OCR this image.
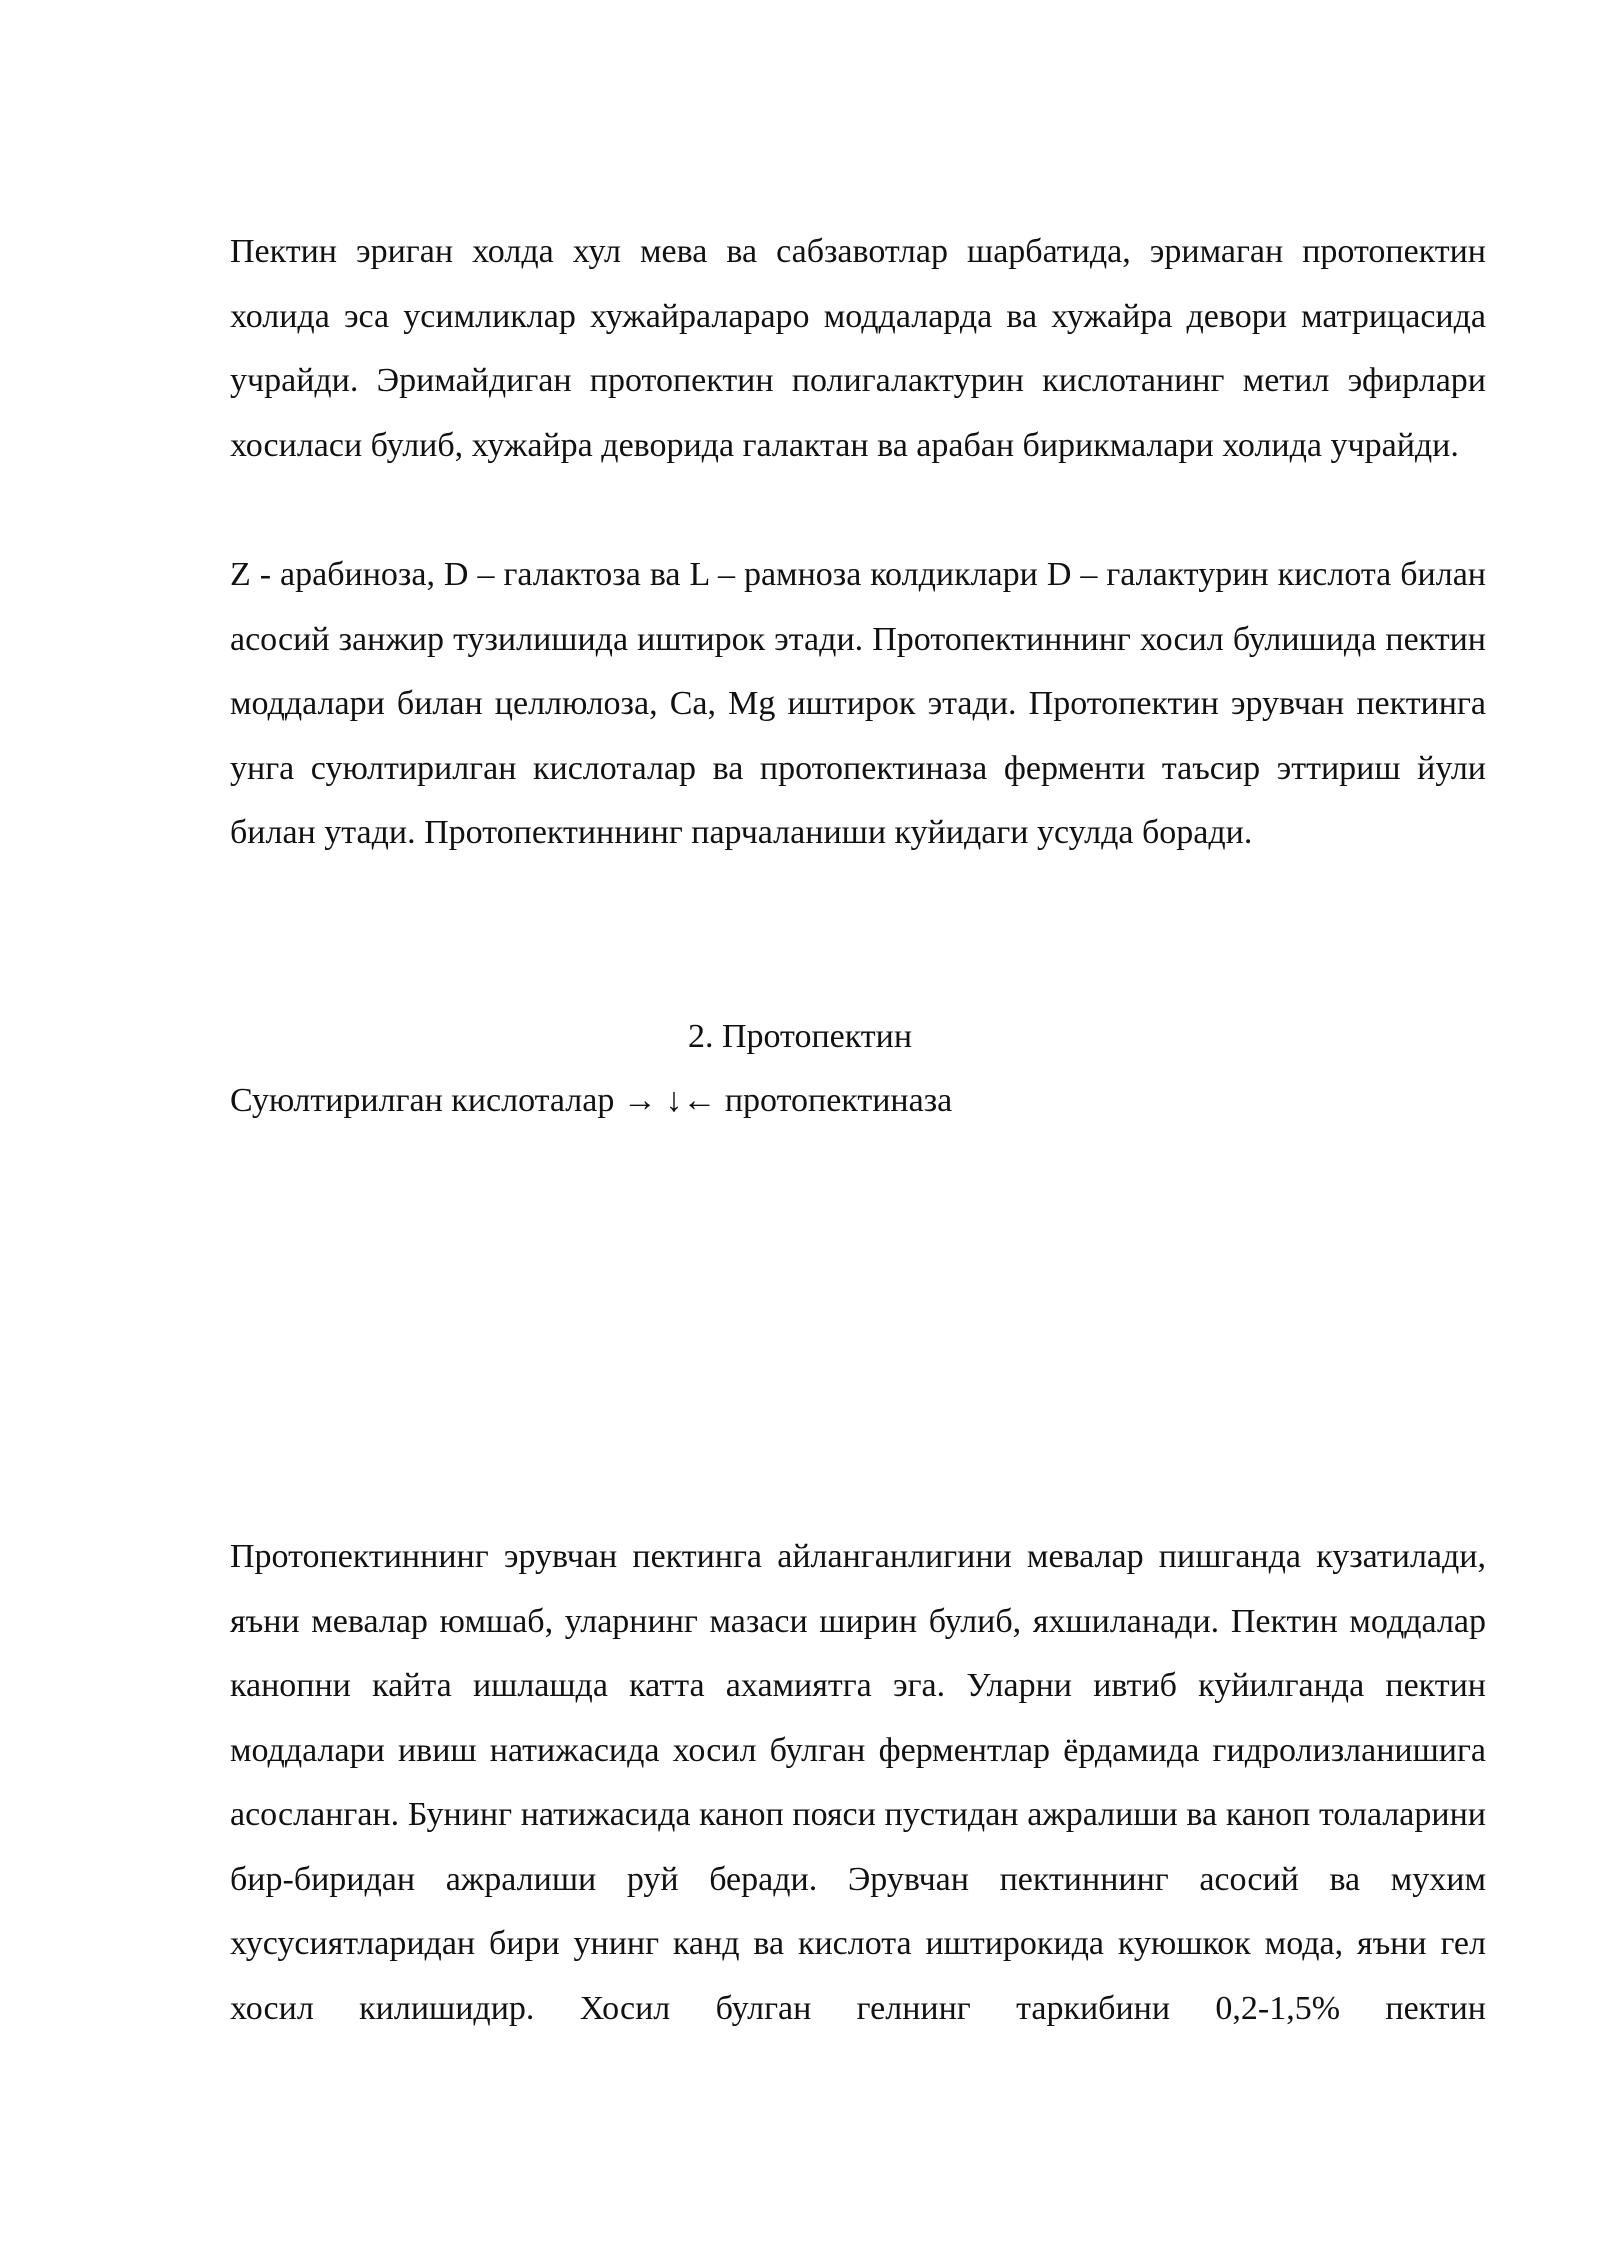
Пектин эриган холда хул мева ва сабзавотлар шарбатида, эримаган протопектин холида эса усимликлар хужайралараро моддаларда ва хужайра девори матрицасида учрайди. Эримайдиган протопектин полигалактурин кислотанинг метил эфирлари хосиласи булиб, хужайра деворида галактан ва арабан бирикмалари холида учрайди.

Z - арабиноза, D – галактоза ва L – рамноза колдиклари D – галактурин кислота билан асосий занжир тузилишида иштирок этади. Протопектиннинг хосил булишида пектин моддалари билан целлюлоза, Ca, Mg иштирок этади. Протопектин эрувчан пектинга унга суюлтирилган кислоталар ва протопектиназа ферменти таъсир эттириш йули билан утади. Протопектиннинг парчаланиши куйидаги усулда боради.

2. Протопектин

Суюлтирилган кислоталар → ↓← протопектиназа

Протопектиннинг эрувчан пектинга айланганлигини мевалар пишганда кузатилади, яъни мевалар юмшаб, уларнинг мазаси ширин булиб, яхшиланади. Пектин моддалар канопни кайта ишлашда катта ахамиятга эга. Уларни ивтиб куйилганда пектин моддалари ивиш натижасида хосил булган ферментлар ёрдамида гидролизланишига асосланган. Бунинг натижасида каноп пояси пустидан ажралиши ва каноп толаларини бир-биридан ажралиши руй беради. Эрувчан пектиннинг асосий ва мухим хусусиятларидан бири унинг канд ва кислота иштирокида куюшкок мода, яъни гел хосил килишидир. Хосил булган гелнинг таркибини 0,2-1,5% пектин
